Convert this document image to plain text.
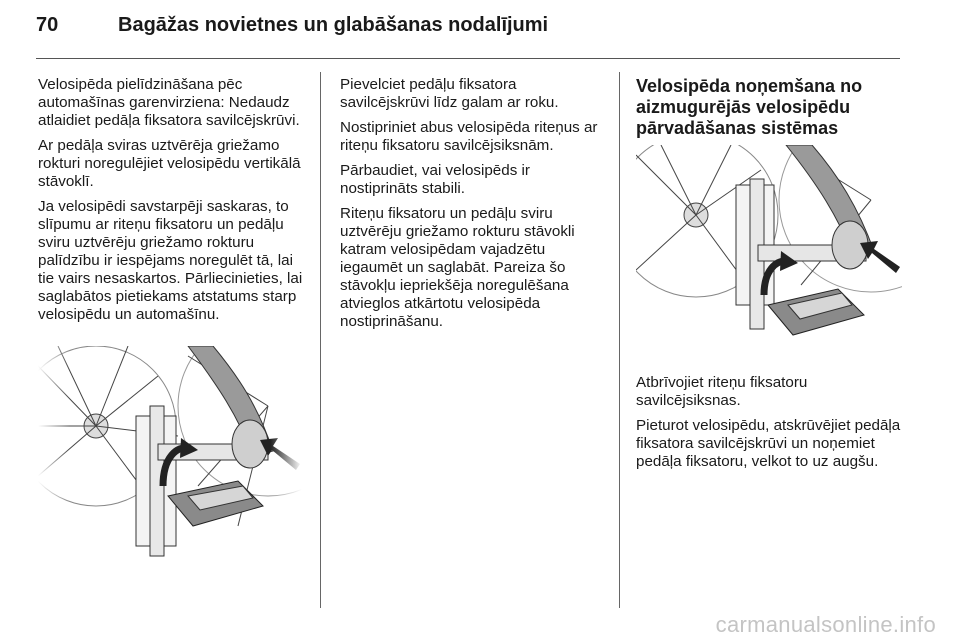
70	Bagāžas novietnes un glabāšanas nodalījumi

Velosipēda pielīdzināšana pēc automašīnas garenvirziena: Nedaudz atlaidiet pedāļa fiksatora savilcējskrūvi.

Ar pedāļa sviras uztvērēja griežamo rokturi noregulējiet velosipēdu vertikālā stāvoklī.

Ja velosipēdi savstarpēji saskaras, to slīpumu ar riteņu fiksatoru un pedāļu sviru uztvērēju griežamo rokturu palīdzību ir iespējams noregulēt tā, lai tie vairs nesaskartos. Pārliecinieties, lai saglabātos pietiekams atstatums starp velosipēdu un automašīnu.

Pievelciet pedāļu fiksatora savilcējskrūvi līdz galam ar roku.

Nostipriniet abus velosipēda riteņus ar riteņu fiksatoru savilcējsiksnām.

Pārbaudiet, vai velosipēds ir nostiprināts stabili.

Riteņu fiksatoru un pedāļu sviru uztvērēju griežamo rokturu stāvokli katram velosipēdam vajadzētu iegaumēt un saglabāt. Pareiza šo stāvokļu iepriekšēja noregulēšana atvieglos atkārtotu velosipēda nostiprināšanu.

Velosipēda noņemšana no aizmugurējās velosipēdu pārvadāšanas sistēmas

Atbrīvojiet riteņu fiksatoru savilcējsiksnas.

Pieturot velosipēdu, atskrūvējiet pedāļa fiksatora savilcējskrūvi un noņemiet pedāļa fiksatoru, velkot to uz augšu.

carmanualsonline.info
